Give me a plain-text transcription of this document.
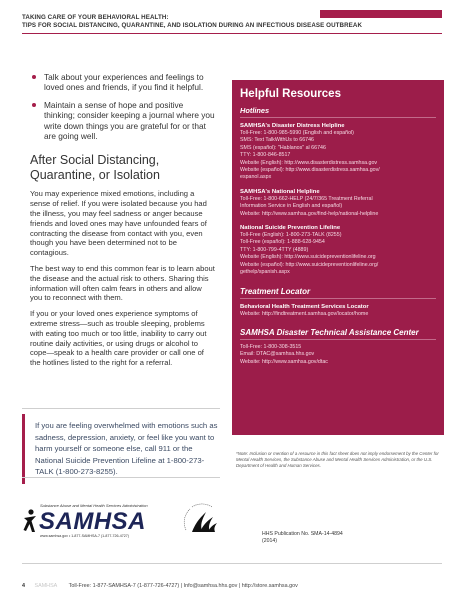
TAKING CARE OF YOUR BEHAVIORAL HEALTH:
TIPS FOR SOCIAL DISTANCING, QUARANTINE, AND ISOLATION DURING AN INFECTIOUS DISEASE OUTBREAK
Talk about your experiences and feelings to loved ones and friends, if you find it helpful.
Maintain a sense of hope and positive thinking; consider keeping a journal where you write down things you are grateful for or that are going well.
After Social Distancing,
Quarantine, or Isolation

You may experience mixed emotions, including a sense of relief. If you were isolated because you had the illness, you may feel sadness or anger because friends and loved ones may have unfounded fears of contracting the disease from contact with you, even though you have been determined not to be contagious.

The best way to end this common fear is to learn about the disease and the actual risk to others. Sharing this information will often calm fears in others and allow you to reconnect with them.

If you or your loved ones experience symptoms of extreme stress—such as trouble sleeping, problems with eating too much or too little, inability to carry out routine daily activities, or using drugs or alcohol to cope—speak to a health care provider or call one of the hotlines listed to the right for a referral.

If you are feeling overwhelmed with emotions such as sadness, depression, anxiety, or feel like you want to harm yourself or someone else, call 911 or the National Suicide Prevention Lifeline at 1-800-273-TALK (1-800-273-8255).
Helpful Resources
Hotlines
SAMHSA's Disaster Distress Helpline
Toll-Free: 1-800-985-5990 (English and español)
SMS: Text TalkWithUs to 66746
SMS (español): "Hablanos" al 66746
TTY: 1-800-846-8517
Website (English): http://www.disasterdistress.samhsa.gov
Website (español): http://www.disasterdistress.samhsa.gov/
espanol.aspx
SAMHSA's National Helpline
Toll-Free: 1-800-662-HELP (24/7/365 Treatment Referral
Information Service in English and español)
Website: http://www.samhsa.gov/find-help/national-helpline
National Suicide Prevention Lifeline
Toll-Free (English): 1-800-273-TALK (8255)
Toll-Free (español): 1-888-628-9454
TTY: 1-800-799-4TTY (4889)
Website (English): http://www.suicidepreventionlifeline.org
Website (español): http://www.suicidepreventionlifeline.org/
gethelp/spanish.aspx
Treatment Locator
Behavioral Health Treatment Services Locator
Website: http://findtreatment.samhsa.gov/locator/home
SAMHSA Disaster Technical Assistance Center
Toll-Free: 1-800-308-3515
Email: DTAC@samhsa.hhs.gov
Website: http://www.samhsa.gov/dtac
*Note: Inclusion or mention of a resource in this fact sheet does not imply endorsement by the Center for Mental Health Services, the Substance Abuse and Mental Health Services Administration, or the U.S. Department of Health and Human Services.
Substance Abuse and Mental Health Services Administration
SAMHSA
www.samhsa.gov • 1-877-SAMHSA-7 (1-877-726-4727)	HHS Publication No. SMA-14-4894
(2014)
4 SAMHSA Toll-Free: 1-877-SAMHSA-7 (1-877-726-4727) | Info@samhsa.hhs.gov | http://store.samhsa.gov
